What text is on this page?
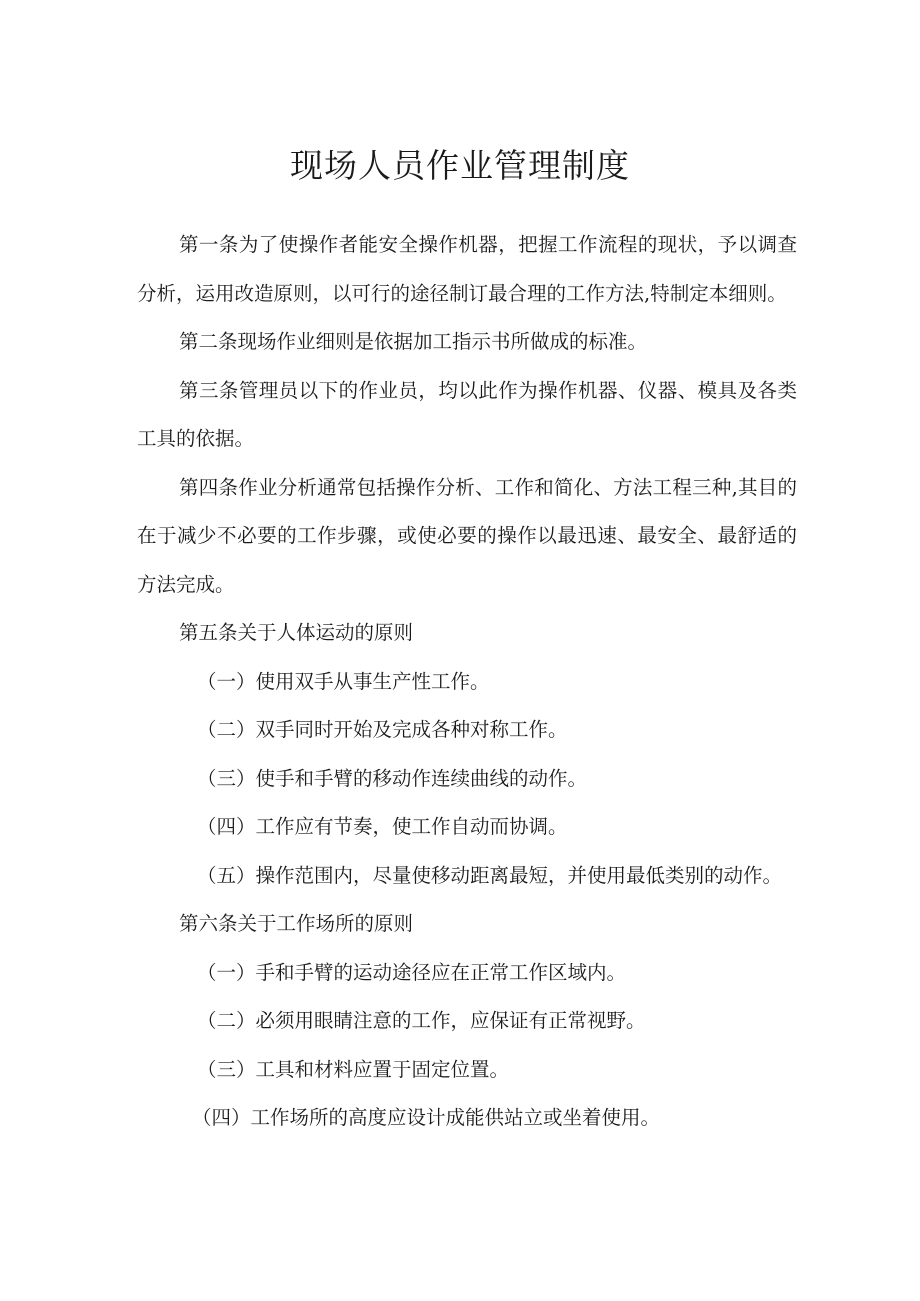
现场人员作业管理制度

第一条为了使操作者能安全操作机器，把握工作流程的现状，予以调查分析，运用改造原则，以可行的途径制订最合理的工作方法,特制定本细则。

第二条现场作业细则是依据加工指示书所做成的标准。

第三条管理员以下的作业员，均以此作为操作机器、仪器、模具及各类工具的依据。

第四条作业分析通常包括操作分析、工作和简化、方法工程三种,其目的在于减少不必要的工作步骤，或使必要的操作以最迅速、最安全、最舒适的方法完成。

第五条关于人体运动的原则

（一）使用双手从事生产性工作。

（二）双手同时开始及完成各种对称工作。

（三）使手和手臂的移动作连续曲线的动作。

（四）工作应有节奏，使工作自动而协调。

（五）操作范围内，尽量使移动距离最短，并使用最低类别的动作。

第六条关于工作场所的原则

（一）手和手臂的运动途径应在正常工作区域内。

（二）必须用眼睛注意的工作，应保证有正常视野。

（三）工具和材料应置于固定位置。

（四）工作场所的高度应设计成能供站立或坐着使用。
